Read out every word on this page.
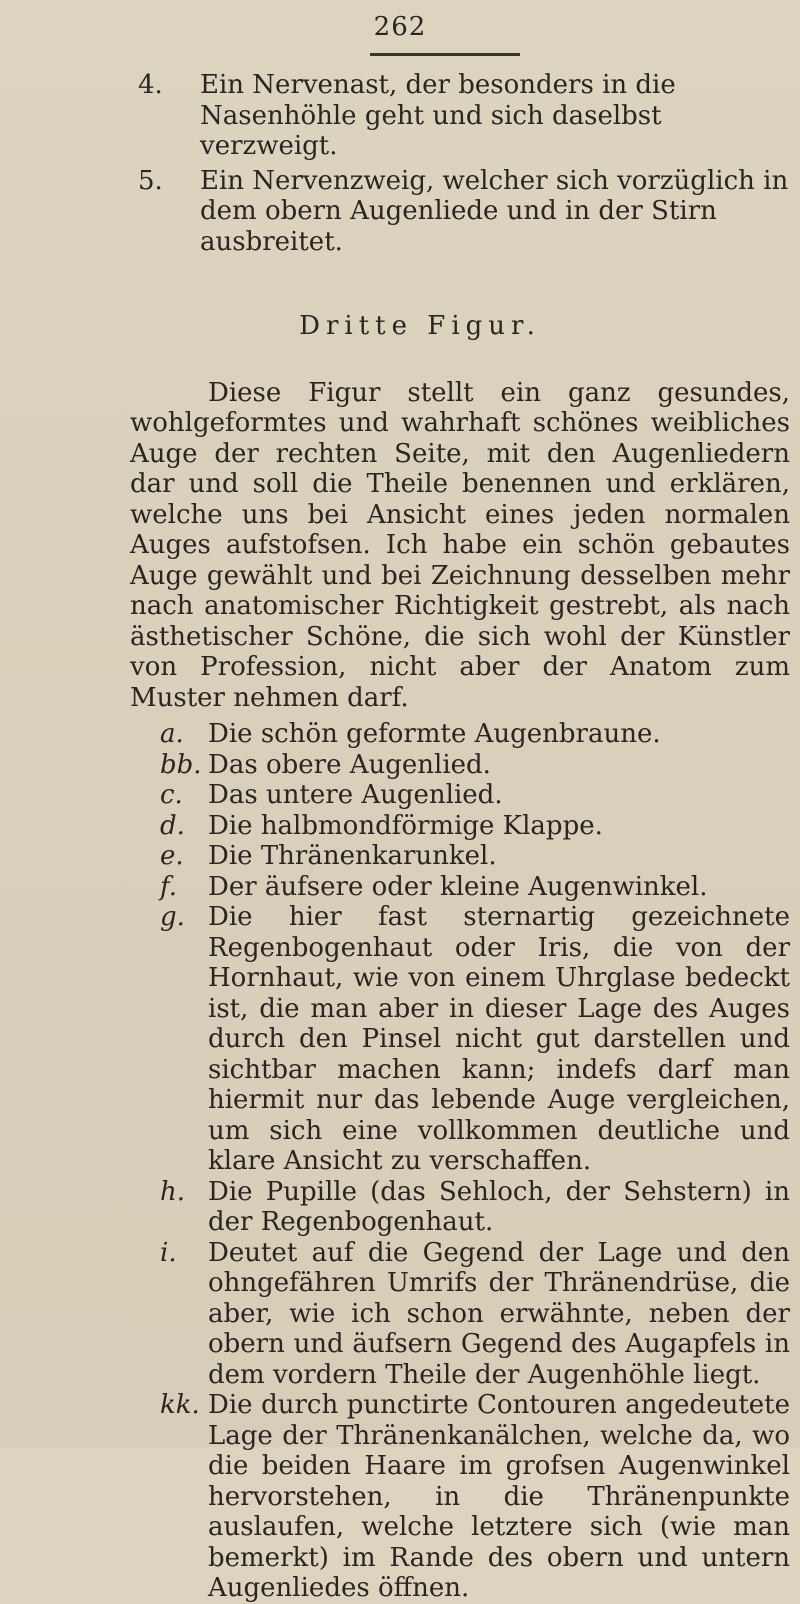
262
4. Ein Nervenast, der besonders in die Nasenhöhle geht und sich daselbst verzweigt.
5. Ein Nervenzweig, welcher sich vorzüglich in dem obern Augenliede und in der Stirn ausbreitet.
Dritte Figur.

Diese Figur stellt ein ganz gesundes, wohlgeformtes und wahrhaft schönes weibliches Auge der rechten Seite, mit den Augenliedern dar und soll die Theile benennen und erklären, welche uns bei Ansicht eines jeden normalen Auges aufstofsen. Ich habe ein schön gebautes Auge gewählt und bei Zeichnung desselben mehr nach anatomischer Richtigkeit gestrebt, als nach ästhetischer Schöne, die sich wohl der Künstler von Profession, nicht aber der Anatom zum Muster nehmen darf.

a. Die schön geformte Augenbraune.
bb. Das obere Augenlied.
c. Das untere Augenlied.
d. Die halbmondförmige Klappe.
e. Die Thränenkarunkel.
f. Der äufsere oder kleine Augenwinkel.
g. Die hier fast sternartig gezeichnete Regenbogenhaut oder Iris, die von der Hornhaut, wie von einem Uhrglase bedeckt ist, die man aber in dieser Lage des Auges durch den Pinsel nicht gut darstellen und sichtbar machen kann; indefs darf man hiermit nur das lebende Auge vergleichen, um sich eine vollkommen deutliche und klare Ansicht zu verschaffen.
h. Die Pupille (das Sehloch, der Sehstern) in der Regenbogenhaut.
i. Deutet auf die Gegend der Lage und den ohngefähren Umrifs der Thränendrüse, die aber, wie ich schon erwähnte, neben der obern und äufsern Gegend des Augapfels in dem vordern Theile der Augenhöhle liegt.
kk. Die durch punctirte Contouren angedeutete Lage der Thränenkanälchen, welche da, wo die beiden Haare im grofsen Augenwinkel hervorstehen, in die Thränenpunkte auslaufen, welche letztere sich (wie man bemerkt) im Rande des obern und untern Augenliedes öffnen.
